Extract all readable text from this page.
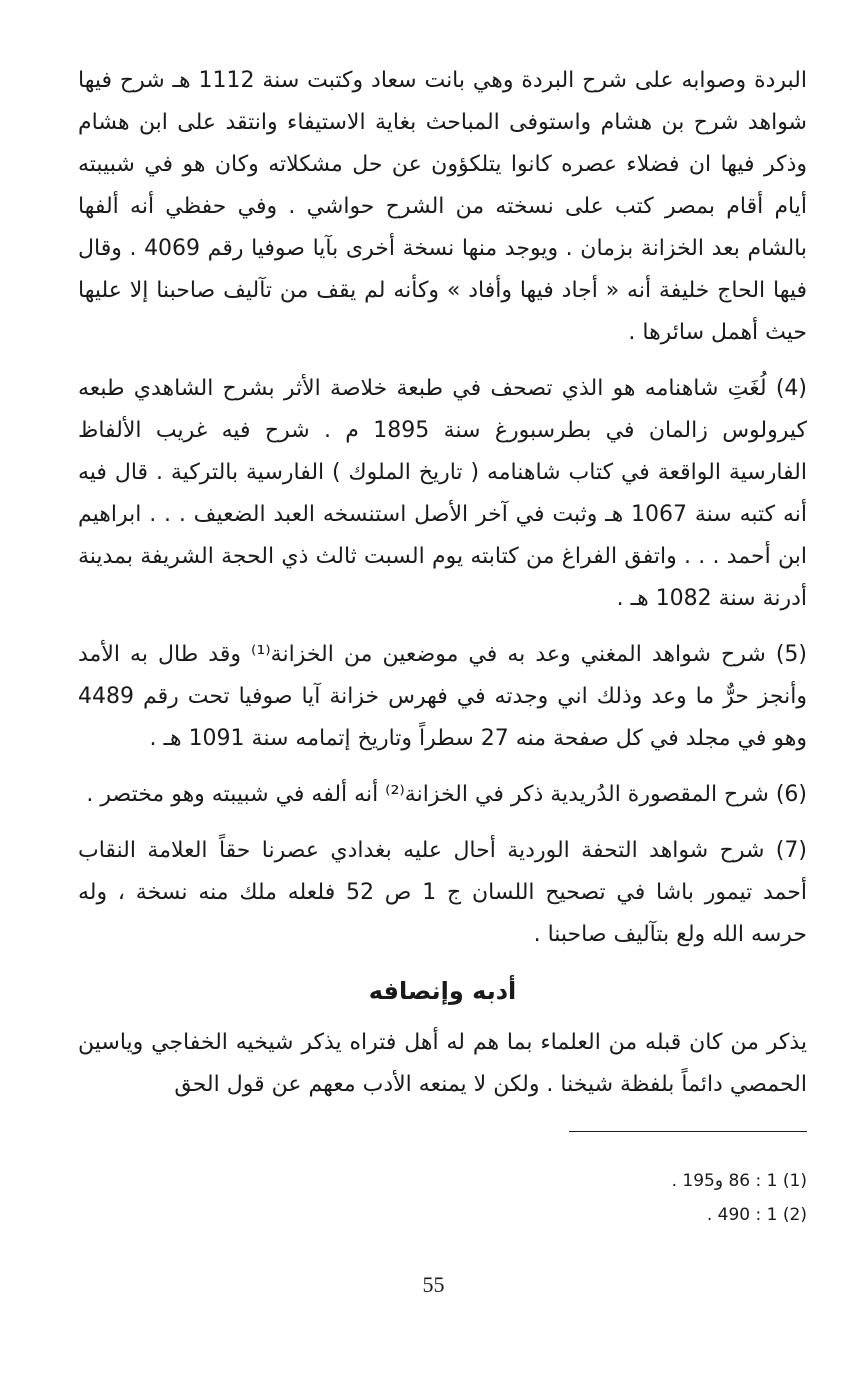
البردة وصوابه على شرح البردة وهي بانت سعاد وكتبت سنة 1112 هـ شرح فيها شواهد شرح بن هشام واستوفى المباحث بغاية الاستيفاء وانتقد على ابن هشام وذكر فيها ان فضلاء عصره كانوا يتلكؤون عن حل مشكلاته وكان هو في شبيبته أيام أقام بمصر كتب على نسخته من الشرح حواشي . وفي حفظي أنه ألفها بالشام بعد الخزانة بزمان . ويوجد منها نسخة أخرى بآيا صوفيا رقم 4069 . وقال فيها الحاج خليفة أنه « أجاد فيها وأفاد » وكأنه لم يقف من تآليف صاحبنا إلا عليها حيث أهمل سائرها .

(4) لُغَتِ شاهنامه هو الذي تصحف في طبعة خلاصة الأثر بشرح الشاهدي طبعه كيرولوس زالمان في بطرسبورغ سنة 1895 م . شرح فيه غريب الألفاظ الفارسية الواقعة في كتاب شاهنامه ( تاريخ الملوك ) الفارسية بالتركية . قال فيه أنه كتبه سنة 1067 هـ وثبت في آخر الأصل استنسخه العبد الضعيف . . . ابراهيم ابن أحمد . . . واتفق الفراغ من كتابته يوم السبت ثالث ذي الحجة الشريفة بمدينة أدرنة سنة 1082 هـ .

(5) شرح شواهد المغني وعد به في موضعين من الخزانة⁽¹⁾ وقد طال به الأمد وأنجز حرٌّ ما وعد وذلك اني وجدته في فهرس خزانة آيا صوفيا تحت رقم 4489 وهو في مجلد في كل صفحة منه 27 سطراً وتاريخ إتمامه سنة 1091 هـ .

(6) شرح المقصورة الدُريدية ذكر في الخزانة⁽²⁾ أنه ألفه في شبيبته وهو مختصر .

(7) شرح شواهد التحفة الوردية أحال عليه بغدادي عصرنا حقاً العلامة النقاب أحمد تيمور باشا في تصحيح اللسان ج 1 ص 52 فلعله ملك منه نسخة ، وله حرسه الله ولع بتآليف صاحبنا .

أدبه وإنصافه

يذكر من كان قبله من العلماء بما هم له أهل فتراه يذكر شيخيه الخفاجي وياسين الحمصي دائماً بلفظة شيخنا . ولكن لا يمنعه الأدب معهم عن قول الحق

(1) 1 : 86 و195 .
(2) 1 : 490 .
55
